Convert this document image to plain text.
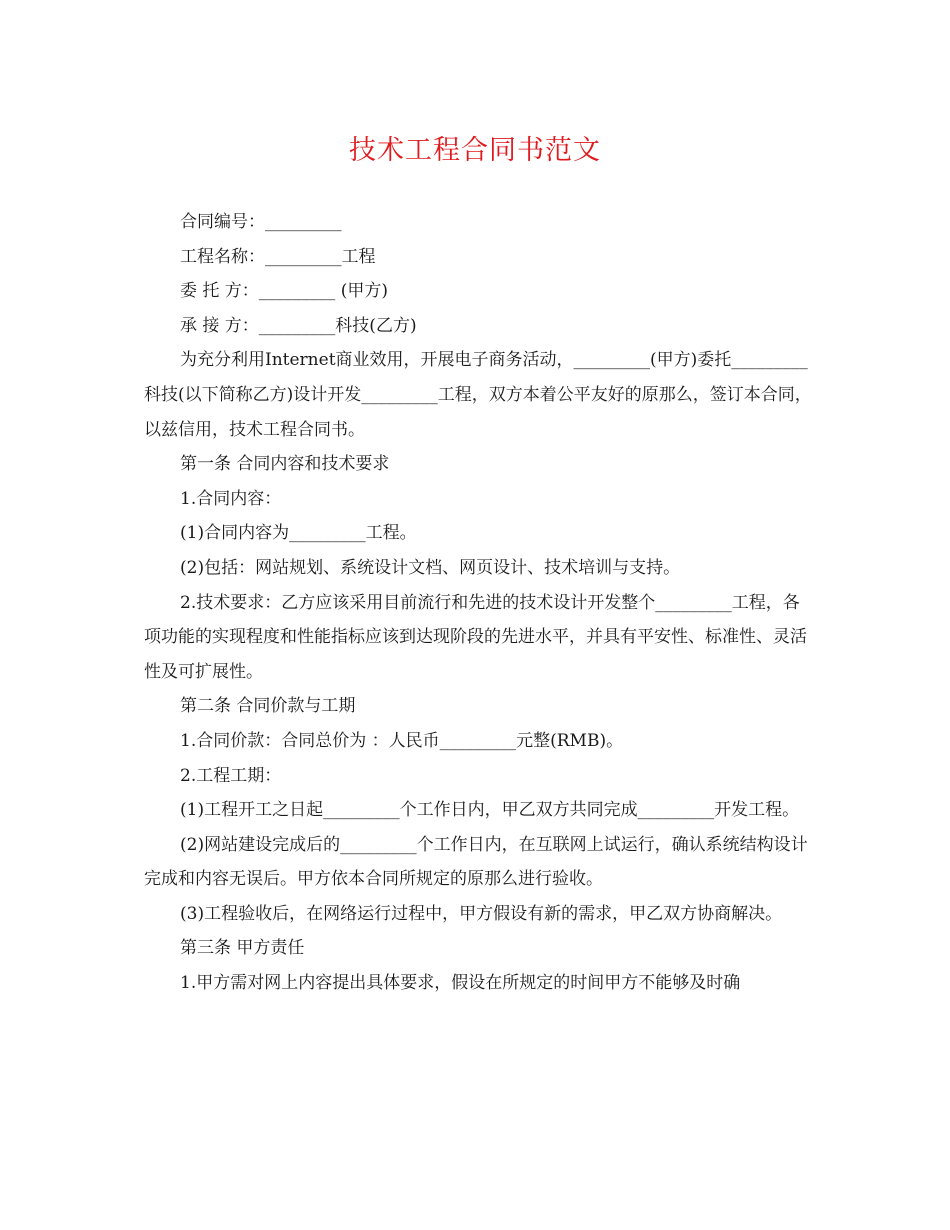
技术工程合同书范文

合同编号：_________

工程名称：_________工程

委 托 方：_________ (甲方)

承 接 方：_________科技(乙方)

为充分利用Internet商业效用，开展电子商务活动，_________(甲方)委托_________科技(以下简称乙方)设计开发_________工程，双方本着公平友好的原那么，签订本合同，以兹信用，技术工程合同书。

第一条 合同内容和技术要求

1.合同内容：

(1)合同内容为_________工程。

(2)包括：网站规划、系统设计文档、网页设计、技术培训与支持。

2.技术要求：乙方应该采用目前流行和先进的技术设计开发整个_________工程，各项功能的实现程度和性能指标应该到达现阶段的先进水平，并具有平安性、标准性、灵活性及可扩展性。

第二条 合同价款与工期

1.合同价款：合同总价为 ：人民币_________元整(RMB)。

2.工程工期：

(1)工程开工之日起_________个工作日内，甲乙双方共同完成_________开发工程。

(2)网站建设完成后的_________个工作日内，在互联网上试运行，确认系统结构设计完成和内容无误后。甲方依本合同所规定的原那么进行验收。

(3)工程验收后，在网络运行过程中，甲方假设有新的需求，甲乙双方协商解决。

第三条 甲方责任

1.甲方需对网上内容提出具体要求，假设在所规定的时间甲方不能够及时确
